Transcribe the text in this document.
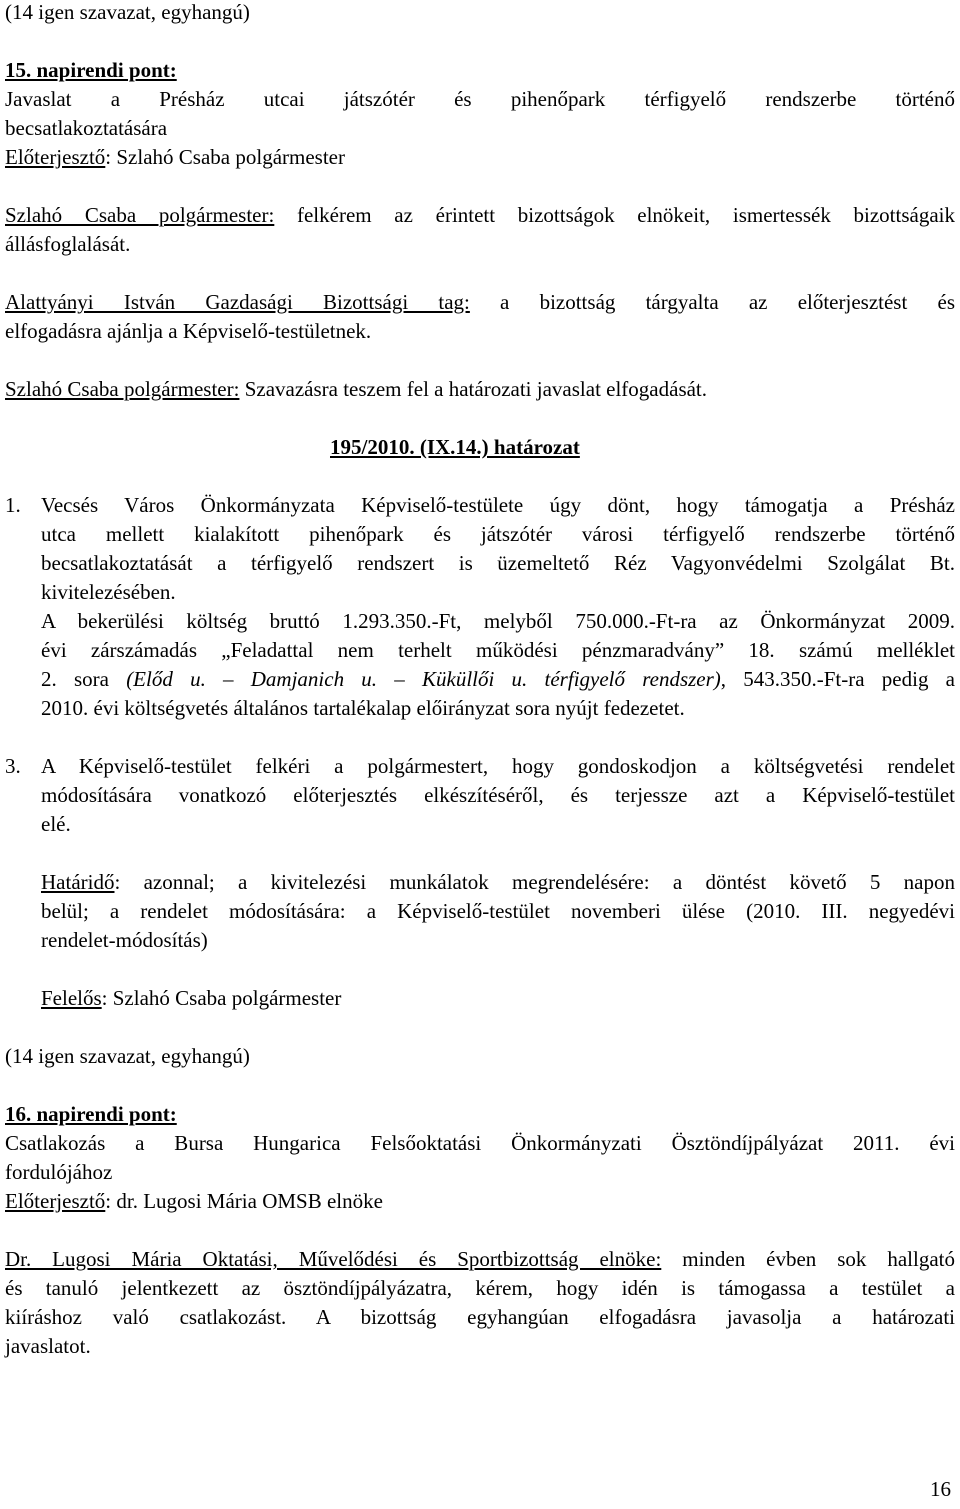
(14 igen szavazat, egyhangú)
15. napirendi pont:
Javaslat a Présház utcai játszótér és pihenőpark térfigyelő rendszerbe történő
becsatlakoztatására
Előterjesztő: Szlahó Csaba polgármester
Szlahó Csaba polgármester: felkérem az érintett bizottságok elnökeit, ismertessék bizottságaik
állásfoglalását.
Alattyányi István Gazdasági Bizottsági tag: a bizottság tárgyalta az előterjesztést és
elfogadásra ajánlja a Képviselő-testületnek.
Szlahó Csaba polgármester: Szavazásra teszem fel a határozati javaslat elfogadását.
195/2010. (IX.14.) határozat
1. Vecsés Város Önkormányzata Képviselő-testülete úgy dönt, hogy támogatja a Présház
utca mellett kialakított pihenőpark és játszótér városi térfigyelő rendszerbe történő
becsatlakoztatását a térfigyelő rendszert is üzemeltető Réz Vagyonvédelmi Szolgálat Bt.
kivitelezésében.
A bekerülési költség bruttó 1.293.350.-Ft, melyből 750.000.-Ft-ra az Önkormányzat 2009.
évi zárszámadás „Feladattal nem terhelt működési pénzmaradvány” 18. számú melléklet
2. sora (Előd u. – Damjanich u. – Küküllői u. térfigyelő rendszer), 543.350.-Ft-ra pedig a
2010. évi költségvetés általános tartalékalap előirányzat sora nyújt fedezetet.
3. A Képviselő-testület felkéri a polgármestert, hogy gondoskodjon a költségvetési rendelet
módosítására vonatkozó előterjesztés elkészítéséről, és terjessze azt a Képviselő-testület
elé.
Határidő: azonnal; a kivitelezési munkálatok megrendelésére: a döntést követő 5 napon
belül; a rendelet módosítására: a Képviselő-testület novemberi ülése (2010. III. negyedévi
rendelet-módosítás)
Felelős: Szlahó Csaba polgármester
(14 igen szavazat, egyhangú)
16. napirendi pont:
Csatlakozás a Bursa Hungarica Felsőoktatási Önkormányzati Ösztöndíjpályázat 2011. évi
fordulójához
Előterjesztő: dr. Lugosi Mária OMSB elnöke
Dr. Lugosi Mária Oktatási, Művelődési és Sportbizottság elnöke: minden évben sok hallgató
és tanuló jelentkezett az ösztöndíjpályázatra, kérem, hogy idén is támogassa a testület a
kiíráshoz való csatlakozást. A bizottság egyhangúan elfogadásra javasolja a határozati
javaslatot.
16
